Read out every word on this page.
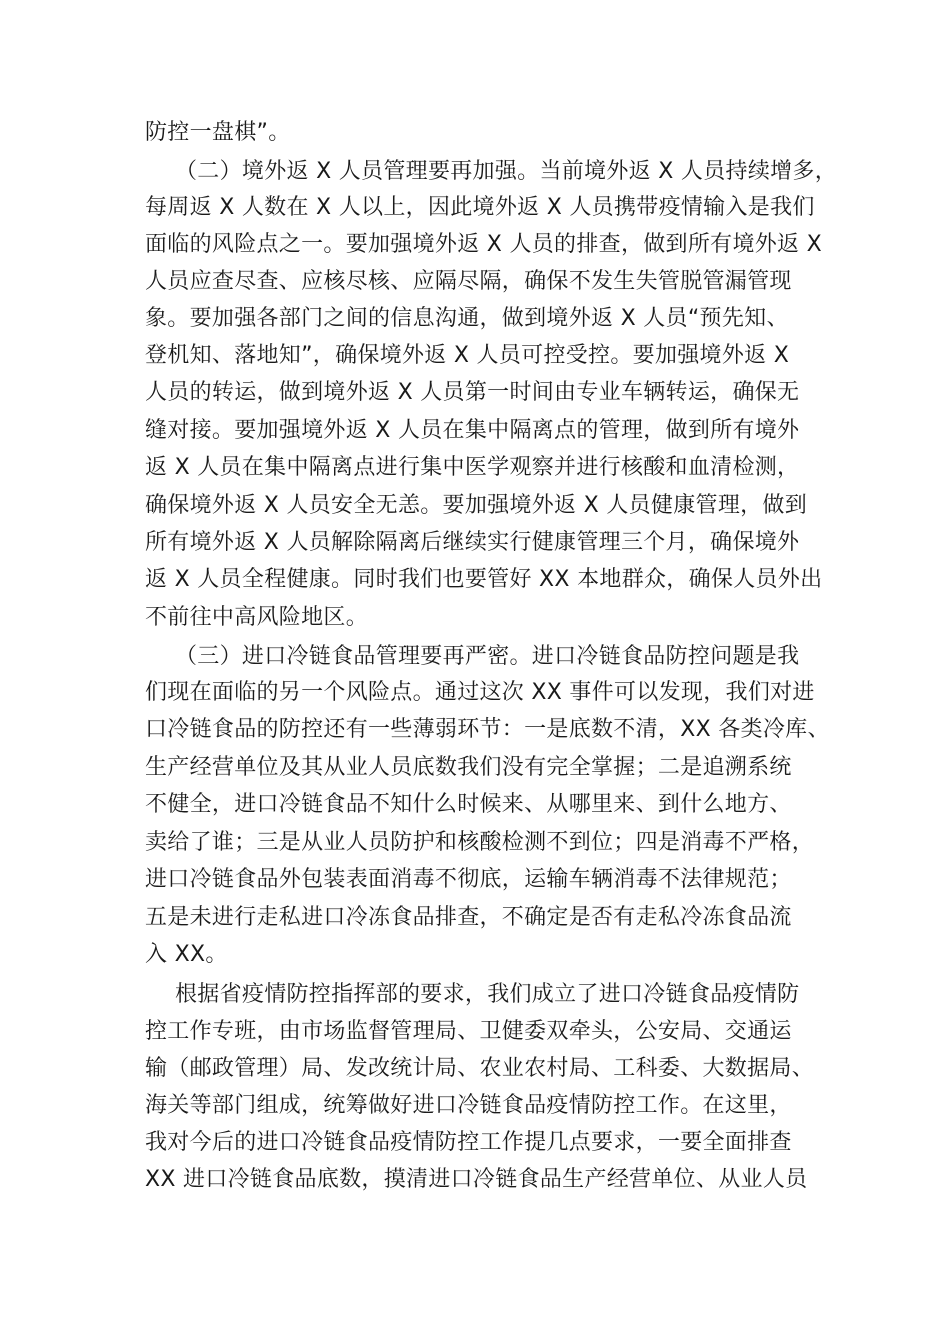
防控一盘棋”。
（二）境外返 X 人员管理要再加强。当前境外返 X 人员持续增多，
每周返 X 人数在 X 人以上，因此境外返 X 人员携带疫情输入是我们
面临的风险点之一。要加强境外返 X 人员的排查，做到所有境外返 X
人员应查尽查、应核尽核、应隔尽隔，确保不发生失管脱管漏管现
象。要加强各部门之间的信息沟通，做到境外返 X 人员“预先知、
登机知、落地知”，确保境外返 X 人员可控受控。要加强境外返 X
人员的转运，做到境外返 X 人员第一时间由专业车辆转运，确保无
缝对接。要加强境外返 X 人员在集中隔离点的管理，做到所有境外
返 X 人员在集中隔离点进行集中医学观察并进行核酸和血清检测，
确保境外返 X 人员安全无恙。要加强境外返 X 人员健康管理，做到
所有境外返 X 人员解除隔离后继续实行健康管理三个月，确保境外
返 X 人员全程健康。同时我们也要管好 XX 本地群众，确保人员外出
不前往中高风险地区。
（三）进口冷链食品管理要再严密。进口冷链食品防控问题是我
们现在面临的另一个风险点。通过这次 XX 事件可以发现，我们对进
口冷链食品的防控还有一些薄弱环节：一是底数不清，XX 各类冷库、
生产经营单位及其从业人员底数我们没有完全掌握；二是追溯系统
不健全，进口冷链食品不知什么时候来、从哪里来、到什么地方、
卖给了谁；三是从业人员防护和核酸检测不到位；四是消毒不严格，
进口冷链食品外包装表面消毒不彻底，运输车辆消毒不法律规范；
五是未进行走私进口冷冻食品排查，不确定是否有走私冷冻食品流
入 XX。
根据省疫情防控指挥部的要求，我们成立了进口冷链食品疫情防
控工作专班，由市场监督管理局、卫健委双牵头，公安局、交通运
输（邮政管理）局、发改统计局、农业农村局、工科委、大数据局、
海关等部门组成，统筹做好进口冷链食品疫情防控工作。在这里，
我对今后的进口冷链食品疫情防控工作提几点要求，一要全面排查
XX 进口冷链食品底数，摸清进口冷链食品生产经营单位、从业人员
